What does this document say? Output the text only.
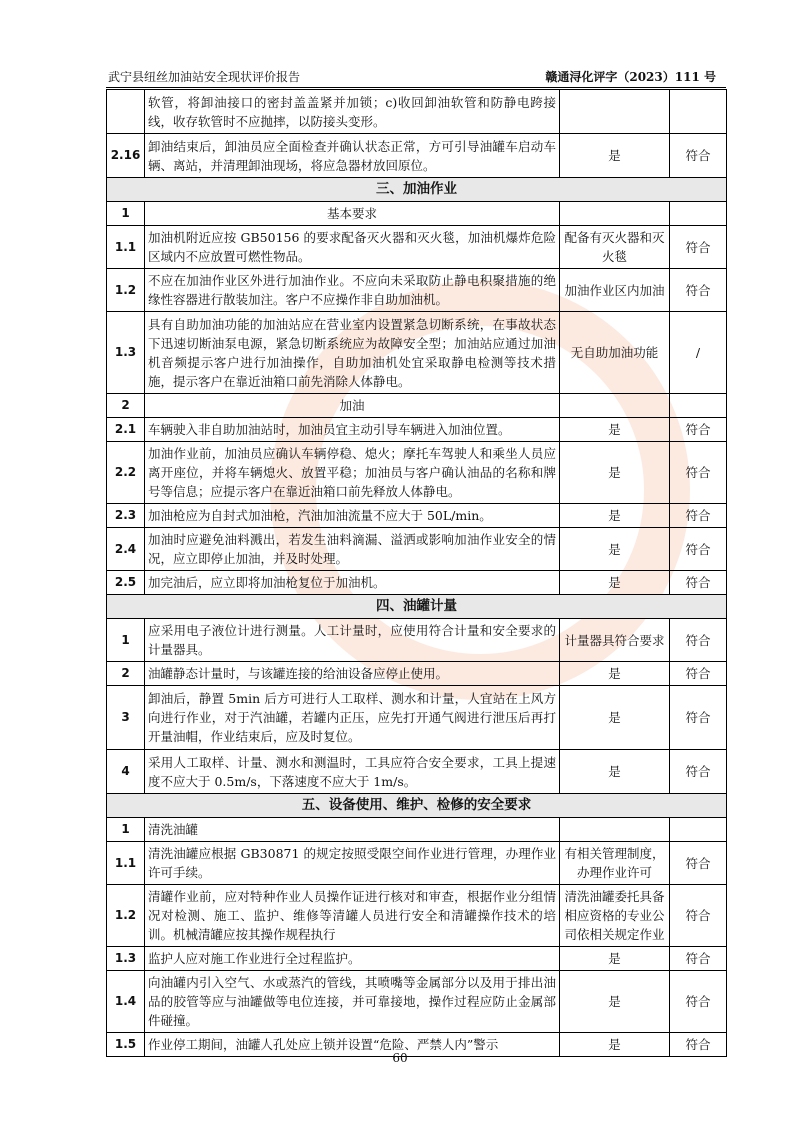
武宁县纽丝加油站安全现状评价报告	赣通浔化评字（2023）111 号
	软管，将卸油接口的密封盖盖紧并加锁；c)收回卸油软管和防静电跨接线，收存软管时不应抛摔，以防接头变形。		
2.16	卸油结束后，卸油员应全面检查并确认状态正常，方可引导油罐车启动车辆、离站，并清理卸油现场，将应急器材放回原位。	是	符合
三、加油作业			
1	基本要求		
1.1	加油机附近应按 GB50156 的要求配备灭火器和灭火毯，加油机爆炸危险区域内不应放置可燃性物品。	配备有灭火器和灭火毯	符合
1.2	不应在加油作业区外进行加油作业。不应向未采取防止静电积聚措施的绝缘性容器进行散装加注。客户不应操作非自助加油机。	加油作业区内加油	符合
1.3	具有自助加油功能的加油站应在营业室内设置紧急切断系统，在事故状态下迅速切断油泵电源，紧急切断系统应为故障安全型；加油站应通过加油机音频提示客户进行加油操作，自助加油机处宜采取静电检测等技术措施，提示客户在靠近油箱口前先消除人体静电。	无自助加油功能	/
2	加油		
2.1	车辆驶入非自助加油站时，加油员宜主动引导车辆进入加油位置。	是	符合
2.2	加油作业前，加油员应确认车辆停稳、熄火；摩托车驾驶人和乘坐人员应离开座位，并将车辆熄火、放置平稳；加油员与客户确认油品的名称和牌号等信息；应提示客户在靠近油箱口前先释放人体静电。	是	符合
2.3	加油枪应为自封式加油枪，汽油加油流量不应大于 50L/min。	是	符合
2.4	加油时应避免油料溅出，若发生油料滴漏、溢洒或影响加油作业安全的情况，应立即停止加油，并及时处理。	是	符合
2.5	加完油后，应立即将加油枪复位于加油机。	是	符合
四、油罐计量			
1	应采用电子液位计进行测量。人工计量时，应使用符合计量和安全要求的计量器具。	计量器具符合要求	符合
2	油罐静态计量时，与该罐连接的给油设备应停止使用。	是	符合
3	卸油后，静置 5min 后方可进行人工取样、测水和计量，人宜站在上风方向进行作业，对于汽油罐，若罐内正压，应先打开通气阀进行泄压后再打开量油帽，作业结束后，应及时复位。	是	符合
4	采用人工取样、计量、测水和测温时，工具应符合安全要求，工具上提速度不应大于 0.5m/s，下落速度不应大于 1m/s。	是	符合
五、设备使用、维护、检修的安全要求			
1	清洗油罐		
1.1	清洗油罐应根据 GB30871 的规定按照受限空间作业进行管理，办理作业许可手续。	有相关管理制度，办理作业许可	符合
1.2	清罐作业前，应对特种作业人员操作证进行核对和审查，根据作业分组情况对检测、施工、监护、维修等清罐人员进行安全和清罐操作技术的培训。机械清罐应按其操作规程执行	清洗油罐委托具备相应资格的专业公司依相关规定作业	符合
1.3	监护人应对施工作业进行全过程监护。	是	符合
1.4	向油罐内引入空气、水或蒸汽的管线，其喷嘴等金属部分以及用于排出油品的胶管等应与油罐做等电位连接，并可靠接地，操作过程应防止金属部件碰撞。	是	符合
1.5	作业停工期间，油罐人孔处应上锁并设置“危险、严禁人内”警示	是	符合
60
